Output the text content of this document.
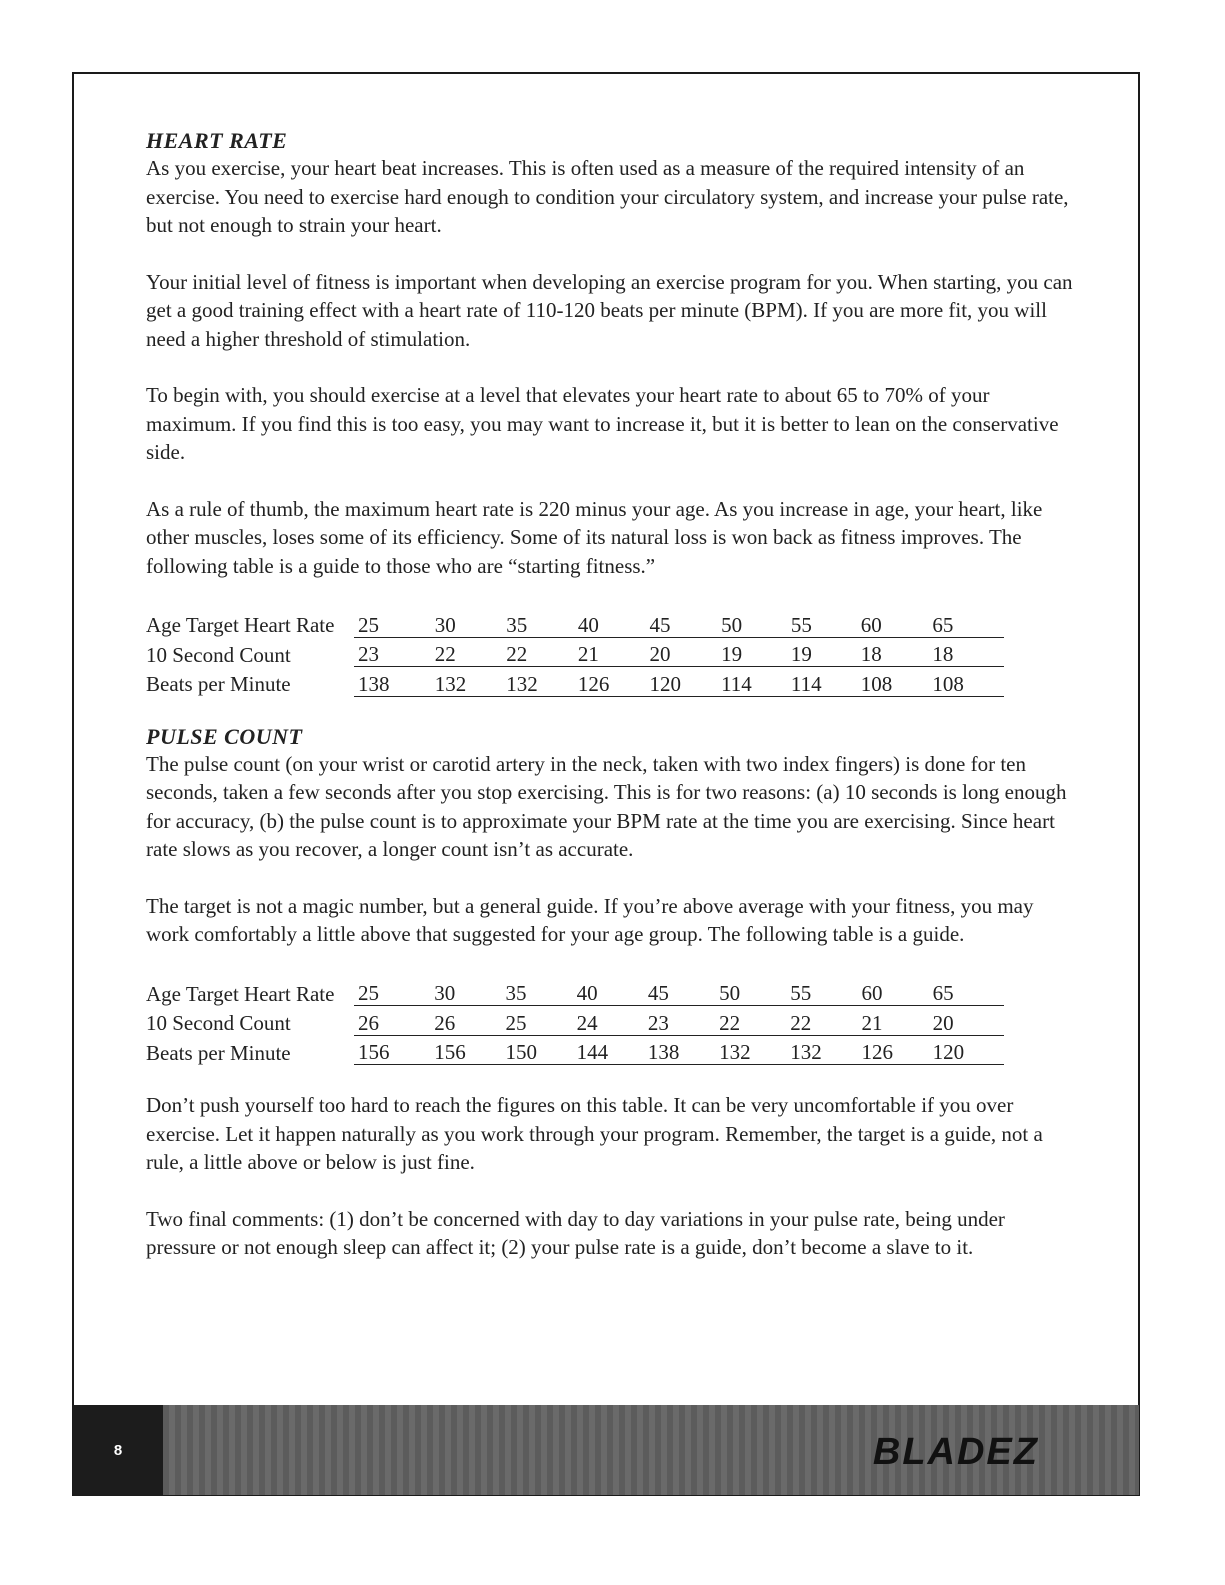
HEART RATE

As you exercise, your heart beat increases. This is often used as a measure of the required intensity of an exercise. You need to exercise hard enough to condition your circulatory system, and increase your pulse rate, but not enough to strain your heart.

Your initial level of fitness is important when developing an exercise program for you. When starting, you can get a good training effect with a heart rate of 110-120 beats per minute (BPM). If you are more fit, you will need a higher threshold of stimulation.

To begin with, you should exercise at a level that elevates your heart rate to about 65 to 70% of your maximum. If you find this is too easy, you may want to increase it, but it is better to lean on the conservative side.

As a rule of thumb, the maximum heart rate is 220 minus your age. As you increase in age, your heart, like other muscles, loses some of its efficiency. Some of its natural loss is won back as fitness improves. The following table is a guide to those who are “starting fitness.”

Age Target Heart Rate	25	30	35	40	45	50	55	60	65
10 Second Count	23	22	22	21	20	19	19	18	18
Beats per Minute	138	132	132	126	120	114	114	108	108
PULSE COUNT

The pulse count (on your wrist or carotid artery in the neck, taken with two index fingers) is done for ten seconds, taken a few seconds after you stop exercising. This is for two reasons: (a) 10 seconds is long enough for accuracy, (b) the pulse count is to approximate your BPM rate at the time you are exercising. Since heart rate slows as you recover, a longer count isn’t as accurate.

The target is not a magic number, but a general guide. If you’re above average with your fitness, you may work comfortably a little above that suggested for your age group. The following table is a guide.

Age Target Heart Rate	25	30	35	40	45	50	55	60	65
10 Second Count	26	26	25	24	23	22	22	21	20
Beats per Minute	156	156	150	144	138	132	132	126	120

Don’t push yourself too hard to reach the figures on this table. It can be very uncomfortable if you over exercise. Let it happen naturally as you work through your program. Remember, the target is a guide, not a rule, a little above or below is just fine.

Two final comments: (1) don’t be concerned with day to day variations in your pulse rate, being under pressure or not enough sleep can affect it; (2) your pulse rate is a guide, don’t become a slave to it.

8	BLADEZ
